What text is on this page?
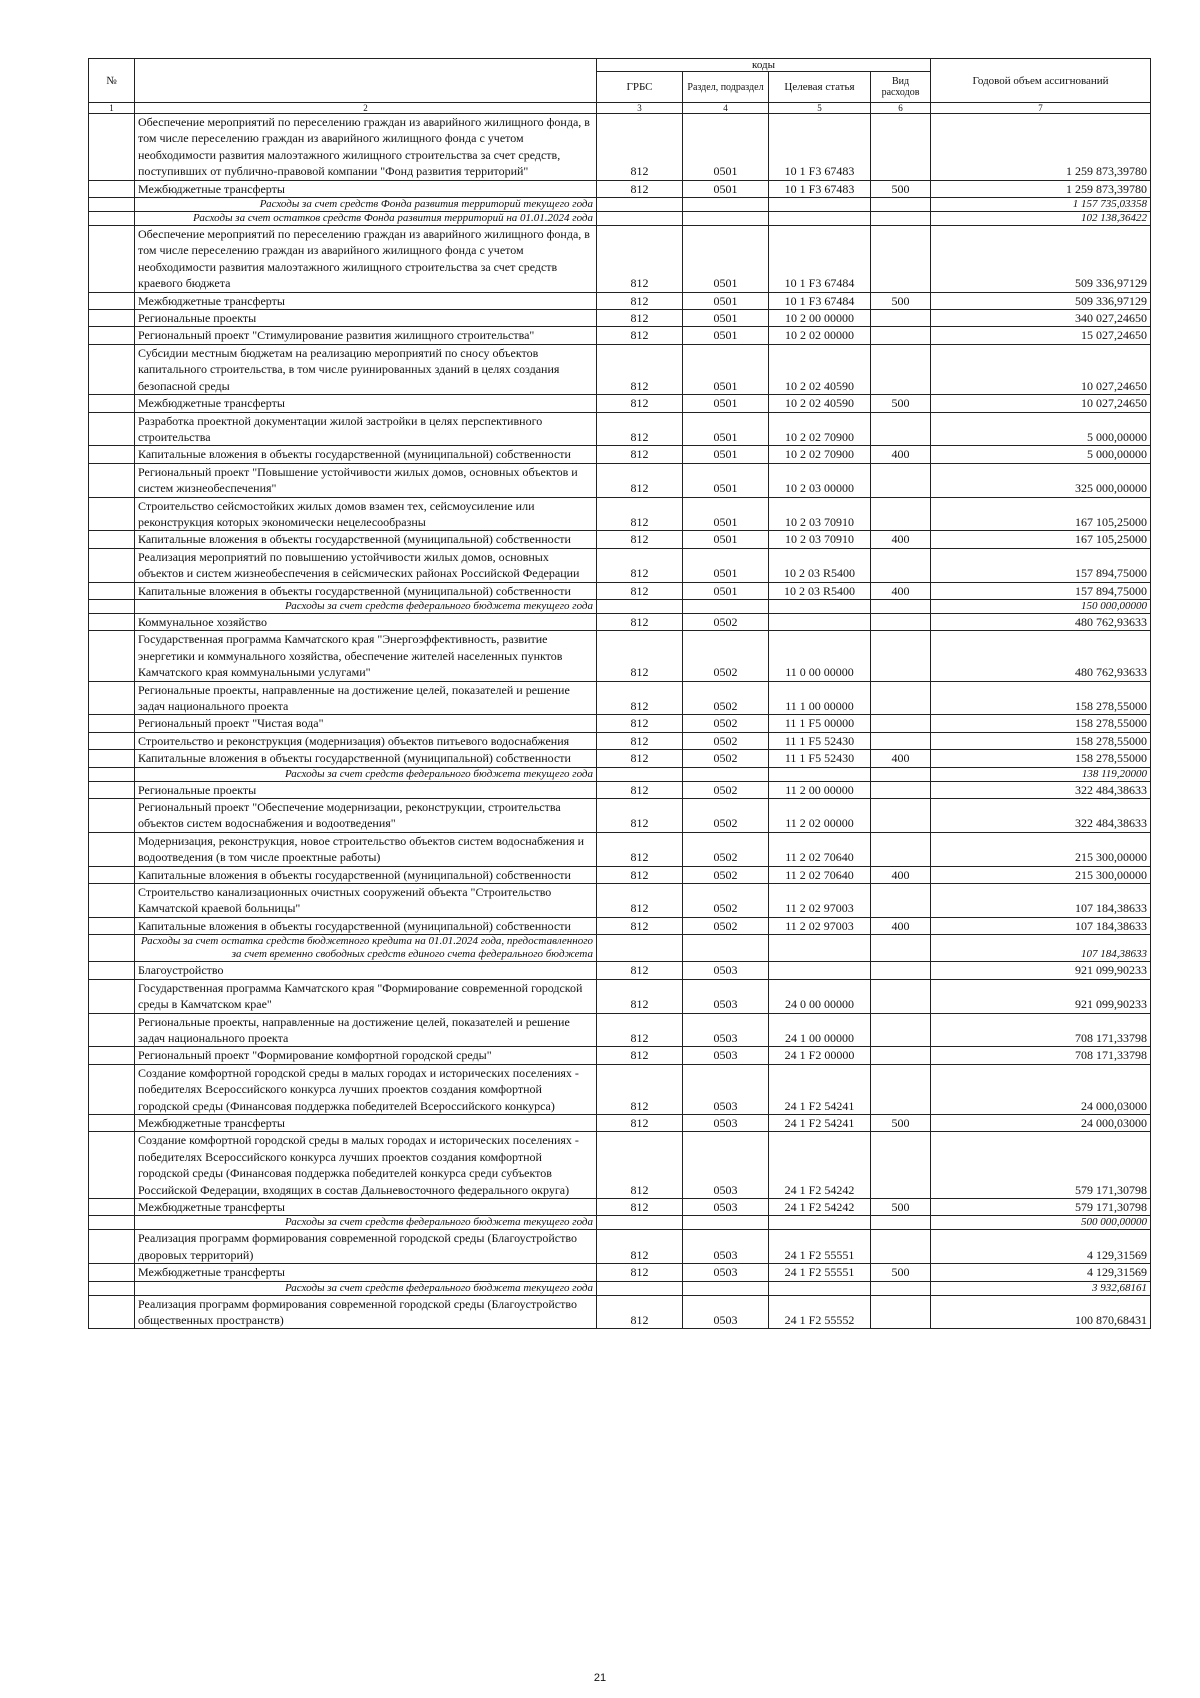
№		коды				Годовой объем ассигнований
		ГРБС	Раздел, подраздел	Целевая статья	Вид расходов	
1	2	3	4	5	6	7
	Обеспечение мероприятий по переселению граждан из аварийного жилищного фонда, в том числе переселению граждан из аварийного жилищного фонда с учетом необходимости развития малоэтажного жилищного строительства за счет средств, поступивших от публично-правовой компании "Фонд развития территорий"	812	0501	10 1 F3 67483		1 259 873,39780
	Межбюджетные трансферты	812	0501	10 1 F3 67483	500	1 259 873,39780
	Расходы за счет средств Фонда развития территорий текущего года					1 157 735,03358
	Расходы за счет остатков средств Фонда развития территорий на 01.01.2024 года					102 138,36422
	Обеспечение мероприятий по переселению граждан из аварийного жилищного фонда, в том числе переселению граждан из аварийного жилищного фонда с учетом необходимости развития малоэтажного жилищного строительства за счет средств краевого бюджета	812	0501	10 1 F3 67484		509 336,97129
	Межбюджетные трансферты	812	0501	10 1 F3 67484	500	509 336,97129
	Региональные проекты	812	0501	10 2 00 00000		340 027,24650
	Региональный проект "Стимулирование развития жилищного строительства"	812	0501	10 2 02 00000		15 027,24650
	Субсидии местным бюджетам на реализацию мероприятий по сносу объектов капитального строительства, в том числе руинированных зданий в целях создания безопасной среды	812	0501	10 2 02 40590		10 027,24650
	Межбюджетные трансферты	812	0501	10 2 02 40590	500	10 027,24650
	Разработка проектной документации жилой застройки в целях перспективного строительства	812	0501	10 2 02 70900		5 000,00000
	Капитальные вложения в объекты государственной (муниципальной) собственности	812	0501	10 2 02 70900	400	5 000,00000
	Региональный проект "Повышение устойчивости жилых домов, основных объектов и систем жизнеобеспечения"	812	0501	10 2 03 00000		325 000,00000
	Строительство сейсмостойких жилых домов взамен тех, сейсмоусиление или реконструкция которых экономически нецелесообразны	812	0501	10 2 03 70910		167 105,25000
	Капитальные вложения в объекты государственной (муниципальной) собственности	812	0501	10 2 03 70910	400	167 105,25000
	Реализация мероприятий по повышению устойчивости жилых домов, основных объектов и систем жизнеобеспечения в сейсмических районах Российской Федерации	812	0501	10 2 03 R5400		157 894,75000
	Капитальные вложения в объекты государственной (муниципальной) собственности	812	0501	10 2 03 R5400	400	157 894,75000
	Расходы за счет средств федерального бюджета текущего года					150 000,00000
	Коммунальное хозяйство	812	0502			480 762,93633
	Государственная программа Камчатского края "Энергоэффективность, развитие энергетики и коммунального хозяйства, обеспечение жителей населенных пунктов Камчатского края коммунальными услугами"	812	0502	11 0 00 00000		480 762,93633
	Региональные проекты, направленные на достижение целей, показателей и решение задач национального проекта	812	0502	11 1 00 00000		158 278,55000
	Региональный проект "Чистая вода"	812	0502	11 1 F5 00000		158 278,55000
	Строительство и реконструкция (модернизация) объектов питьевого водоснабжения	812	0502	11 1 F5 52430		158 278,55000
	Капитальные вложения в объекты государственной (муниципальной) собственности	812	0502	11 1 F5 52430	400	158 278,55000
	Расходы за счет средств федерального бюджета текущего года					138 119,20000
	Региональные проекты	812	0502	11 2 00 00000		322 484,38633
	Региональный проект "Обеспечение модернизации, реконструкции, строительства объектов систем водоснабжения и водоотведения"	812	0502	11 2 02 00000		322 484,38633
	Модернизация, реконструкция, новое строительство объектов систем водоснабжения и водоотведения (в том числе проектные работы)	812	0502	11 2 02 70640		215 300,00000
	Капитальные вложения в объекты государственной (муниципальной) собственности	812	0502	11 2 02 70640	400	215 300,00000
	Строительство канализационных очистных сооружений объекта "Строительство Камчатской краевой больницы"	812	0502	11 2 02 97003		107 184,38633
	Капитальные вложения в объекты государственной (муниципальной) собственности	812	0502	11 2 02 97003	400	107 184,38633
	Расходы за счет остатка средств бюджетного кредита на 01.01.2024 года, предоставленного за счет временно свободных средств единого счета федерального бюджета					107 184,38633
	Благоустройство	812	0503			921 099,90233
	Государственная программа Камчатского края "Формирование современной городской среды в Камчатском крае"	812	0503	24 0 00 00000		921 099,90233
	Региональные проекты, направленные на достижение целей, показателей и решение задач национального проекта	812	0503	24 1 00 00000		708 171,33798
	Региональный проект "Формирование комфортной городской среды"	812	0503	24 1 F2 00000		708 171,33798
	Создание комфортной городской среды в малых городах и исторических поселениях - победителях Всероссийского конкурса лучших проектов создания комфортной городской среды (Финансовая поддержка победителей Всероссийского конкурса)	812	0503	24 1 F2 54241		24 000,03000
	Межбюджетные трансферты	812	0503	24 1 F2 54241	500	24 000,03000
	Создание комфортной городской среды в малых городах и исторических поселениях - победителях Всероссийского конкурса лучших проектов создания комфортной городской среды (Финансовая поддержка победителей конкурса среди субъектов Российской Федерации, входящих в состав Дальневосточного федерального округа)	812	0503	24 1 F2 54242		579 171,30798
	Межбюджетные трансферты	812	0503	24 1 F2 54242	500	579 171,30798
	Расходы за счет средств федерального бюджета текущего года					500 000,00000
	Реализация программ формирования современной городской среды (Благоустройство дворовых территорий)	812	0503	24 1 F2 55551		4 129,31569
	Межбюджетные трансферты	812	0503	24 1 F2 55551	500	4 129,31569
	Расходы за счет средств федерального бюджета текущего года					3 932,68161
	Реализация программ формирования современной городской среды (Благоустройство общественных пространств)	812	0503	24 1 F2 55552		100 870,68431
21
